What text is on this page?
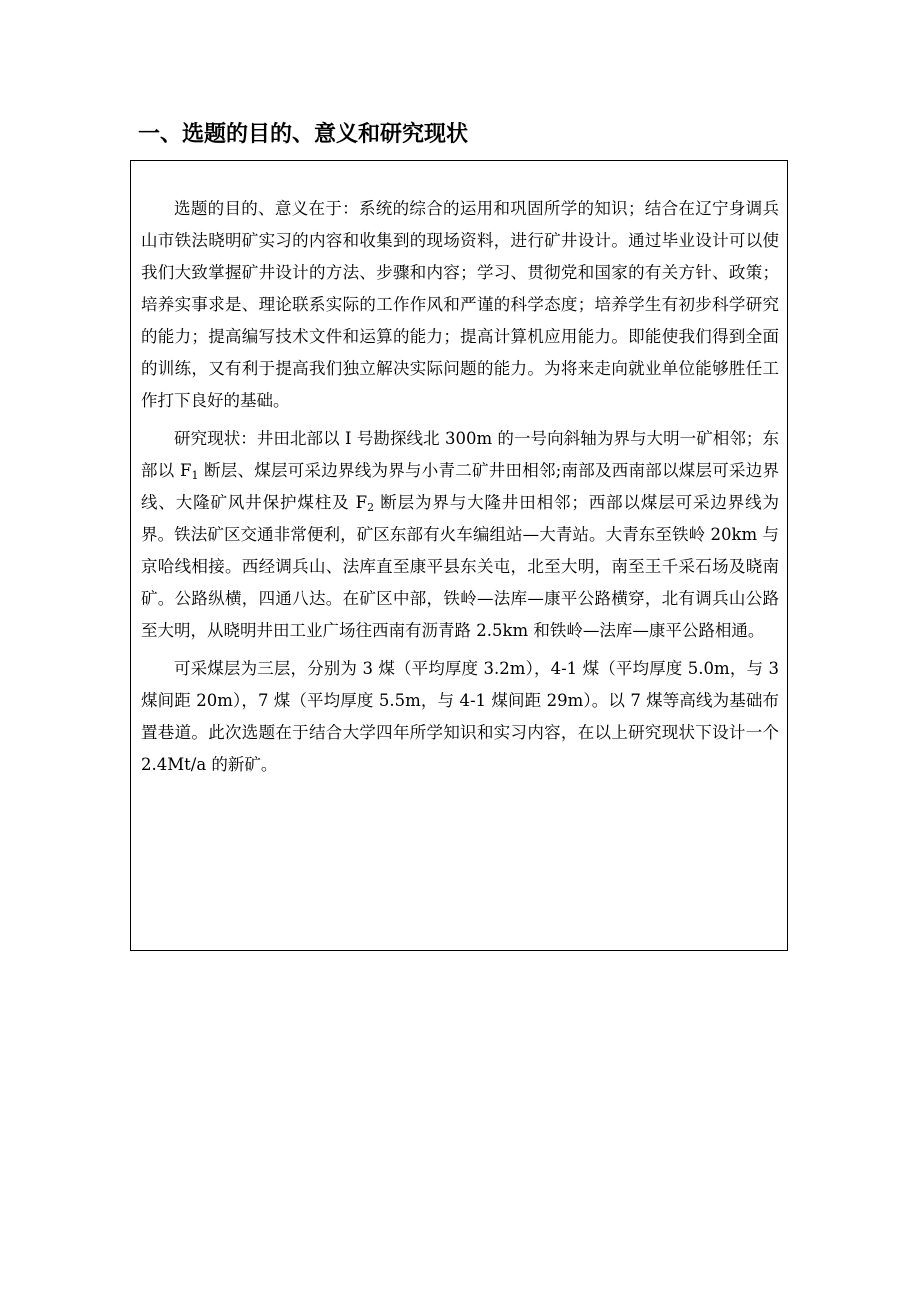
一、选题的目的、意义和研究现状

选题的目的、意义在于：系统的综合的运用和巩固所学的知识；结合在辽宁身调兵山市铁法晓明矿实习的内容和收集到的现场资料，进行矿井设计。通过毕业设计可以使我们大致掌握矿井设计的方法、步骤和内容；学习、贯彻党和国家的有关方针、政策；培养实事求是、理论联系实际的工作作风和严谨的科学态度；培养学生有初步科学研究的能力；提高编写技术文件和运算的能力；提高计算机应用能力。即能使我们得到全面的训练，又有利于提高我们独立解决实际问题的能力。为将来走向就业单位能够胜任工作打下良好的基础。

研究现状：井田北部以 I 号勘探线北 300m 的一号向斜轴为界与大明一矿相邻；东部以 $F_1$ 断层、煤层可采边界线为界与小青二矿井田相邻;南部及西南部以煤层可采边界线、大隆矿风井保护煤柱及 $F_2$ 断层为界与大隆井田相邻；西部以煤层可采边界线为界。铁法矿区交通非常便利，矿区东部有火车编组站—大青站。大青东至铁岭 20km 与京哈线相接。西经调兵山、法库直至康平县东关屯，北至大明，南至王千采石场及晓南矿。公路纵横，四通八达。在矿区中部，铁岭—法库—康平公路横穿，北有调兵山公路至大明，从晓明井田工业广场往西南有沥青路 2.5km 和铁岭—法库—康平公路相通。

可采煤层为三层，分别为 3 煤（平均厚度 3.2m），4-1 煤（平均厚度 5.0m，与 3 煤间距 20m），7 煤（平均厚度 5.5m，与 4-1 煤间距 29m）。以 7 煤等高线为基础布置巷道。此次选题在于结合大学四年所学知识和实习内容，在以上研究现状下设计一个 2.4Mt/a 的新矿。
